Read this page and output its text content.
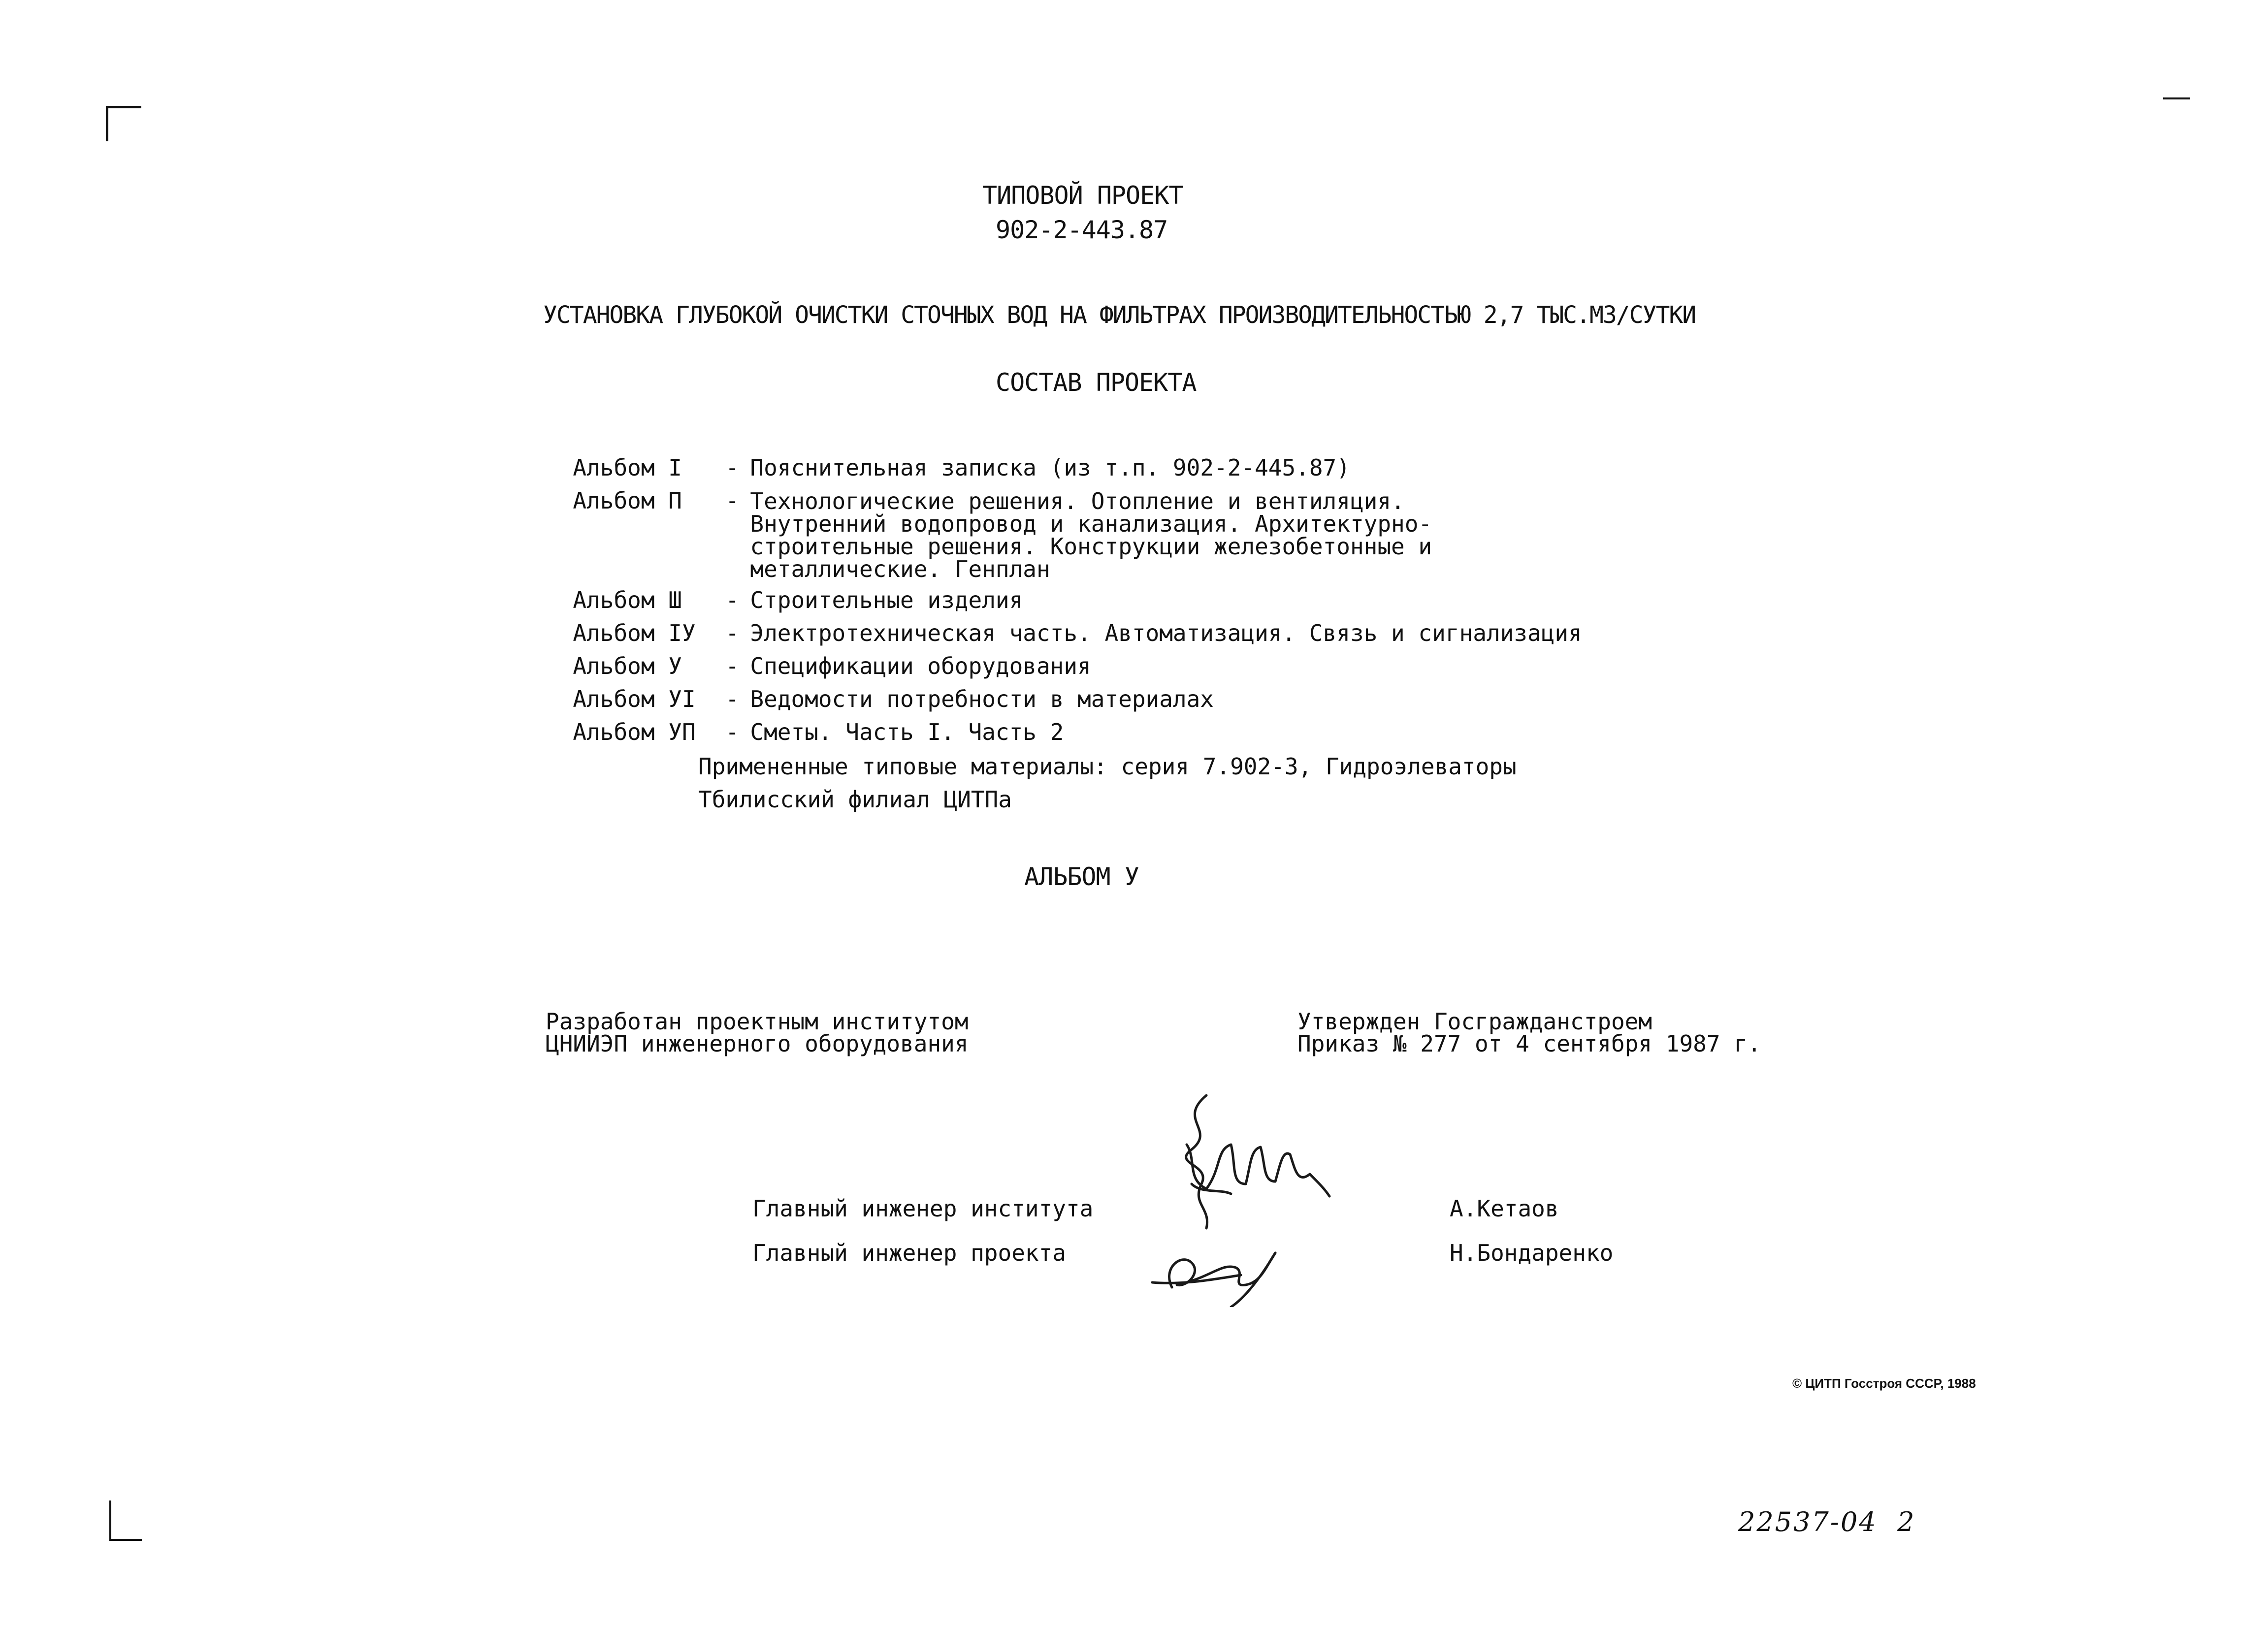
ТИПОВОЙ ПРОЕКТ
902-2-443.87
УСТАНОВКА ГЛУБОКОЙ ОЧИСТКИ СТОЧНЫХ ВОД НА ФИЛЬТРАХ ПРОИЗВОДИТЕЛЬНОСТЬЮ 2,7 ТЫС.М3/СУТКИ
СОСТАВ ПРОЕКТА

Альбом I - Пояснительная записка (из т.п. 902-2-445.87)

Альбом П - Технологические решения. Отопление и вентиляция.
Внутренний водопровод и канализация. Архитектурно-
строительные решения. Конструкции железобетонные и
металлические. Генплан

Альбом Ш - Строительные изделия

Альбом IУ - Электротехническая часть. Автоматизация. Связь и сигнализация

Альбом У - Спецификации оборудования

Альбом УI - Ведомости потребности в материалах

Альбом УП - Сметы. Часть I. Часть 2

Примененные типовые материалы: серия 7.902-3, Гидроэлеваторы
Тбилисский филиал ЦИТПа
АЛЬБОМ У
Разработан проектным институтом
ЦНИИЭП инженерного оборудования
Утвержден Госгражданстроем
Приказ № 277 от 4 сентября 1987 г.
Главный инженер института	А.Кетаов
Главный инженер проекта	Н.Бондаренко
© ЦИТП Госстроя СССР, 1988
22537-04  2
